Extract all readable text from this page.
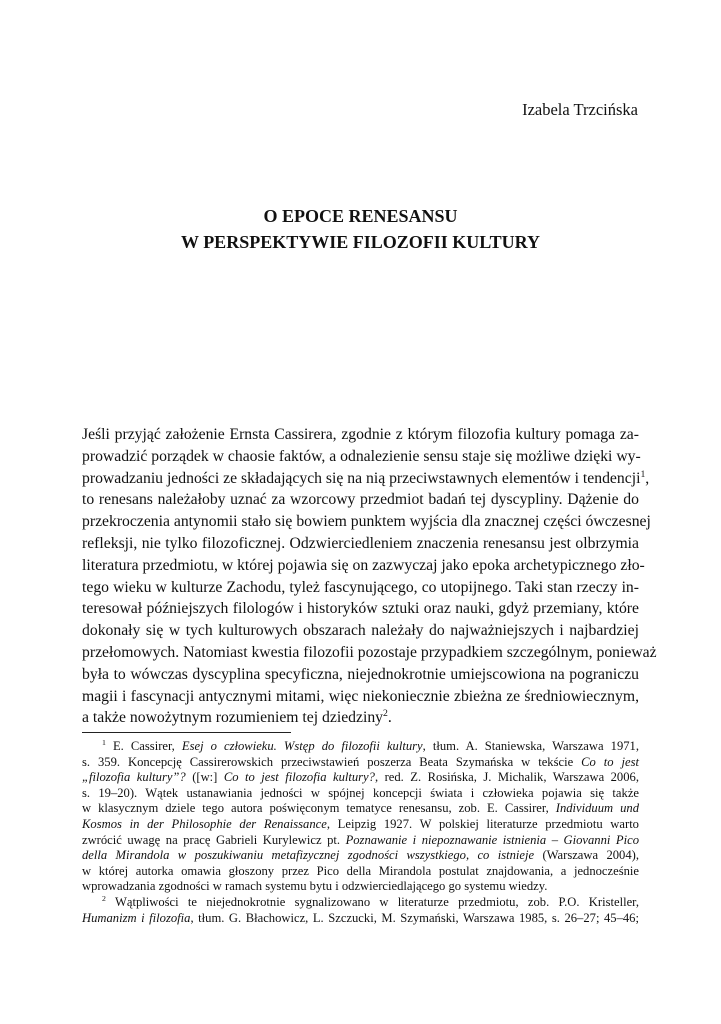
Izabela Trzcińska
O EPOCE RENESANSU
W PERSPEKTYWIE FILOZOFII KULTURY
Jeśli przyjąć założenie Ernsta Cassirera, zgodnie z którym filozofia kultury pomaga za-
prowadzić porządek w chaosie faktów, a odnalezienie sensu staje się możliwe dzięki wy-
prowadzaniu jedności ze składających się na nią przeciwstawnych elementów i tendencji$^1$,
to renesans należałoby uznać za wzorcowy przedmiot badań tej dyscypliny. Dążenie do
przekroczenia antynomii stało się bowiem punktem wyjścia dla znacznej części ówczesnej
refleksji, nie tylko filozoficznej. Odzwierciedleniem znaczenia renesansu jest olbrzymia
literatura przedmiotu, w której pojawia się on zazwyczaj jako epoka archetypicznego zło-
tego wieku w kulturze Zachodu, tyleż fascynującego, co utopijnego. Taki stan rzeczy in-
teresował późniejszych filologów i historyków sztuki oraz nauki, gdyż przemiany, które
dokonały się w tych kulturowych obszarach należały do najważniejszych i najbardziej
przełomowych. Natomiast kwestia filozofii pozostaje przypadkiem szczególnym, ponieważ
była to wówczas dyscyplina specyficzna, niejednokrotnie umiejscowiona na pograniczu
magii i fascynacji antycznymi mitami, więc niekoniecznie zbieżna ze średniowiecznym,
a także nowożytnym rozumieniem tej dziedziny$^2$.
$^1$ E. Cassirer, Esej o człowieku. Wstęp do filozofii kultury, tłum. A. Staniewska, Warszawa 1971,
s. 359. Koncepcję Cassirerowskich przeciwstawień poszerza Beata Szymańska w tekście Co to jest
„filozofia kultury”? ([w:] Co to jest filozofia kultury?, red. Z. Rosińska, J. Michalik, Warszawa 2006,
s. 19–20). Wątek ustanawiania jedności w spójnej koncepcji świata i człowieka pojawia się także
w klasycznym dziele tego autora poświęconym tematyce renesansu, zob. E. Cassirer, Individuum und
Kosmos in der Philosophie der Renaissance, Leipzig 1927. W polskiej literaturze przedmiotu warto
zwrócić uwagę na pracę Gabrieli Kurylewicz pt. Poznawanie i niepoznawanie istnienia – Giovanni Pico
della Mirandola w poszukiwaniu metafizycznej zgodności wszystkiego, co istnieje (Warszawa 2004),
w której autorka omawia głoszony przez Pico della Mirandola postulat znajdowania, a jednocześnie
wprowadzania zgodności w ramach systemu bytu i odzwierciedlającego go systemu wiedzy.
$^2$ Wątpliwości te niejednokrotnie sygnalizowano w literaturze przedmiotu, zob. P.O. Kristeller,
Humanizm i filozofia, tłum. G. Błachowicz, L. Szczucki, M. Szymański, Warszawa 1985, s. 26–27; 45–46;
